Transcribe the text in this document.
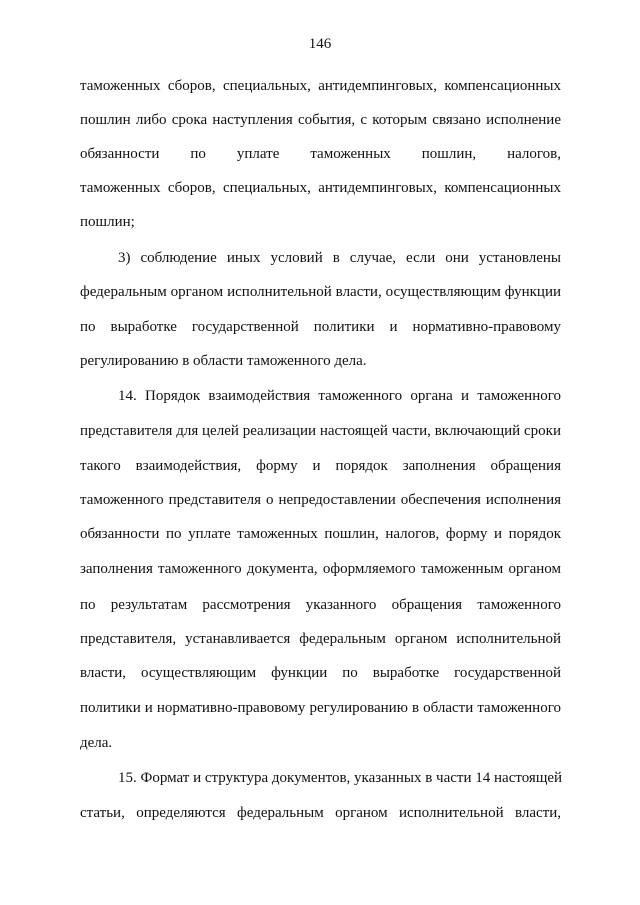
146
таможенных сборов, специальных, антидемпинговых, компенсационных
пошлин либо срока наступления события, с которым связано исполнение
обязанности по уплате таможенных пошлин, налогов,
таможенных сборов, специальных, антидемпинговых, компенсационных
пошлин;
3) соблюдение иных условий в случае, если они установлены
федеральным органом исполнительной власти, осуществляющим функции
по выработке государственной политики и нормативно-правовому
регулированию в области таможенного дела.
14. Порядок взаимодействия таможенного органа и таможенного
представителя для целей реализации настоящей части, включающий сроки
такого взаимодействия, форму и порядок заполнения обращения
таможенного представителя о непредоставлении обеспечения исполнения
обязанности по уплате таможенных пошлин, налогов, форму и порядок
заполнения таможенного документа, оформляемого таможенным органом
по результатам рассмотрения указанного обращения таможенного
представителя, устанавливается федеральным органом исполнительной
власти, осуществляющим функции по выработке государственной
политики и нормативно-правовому регулированию в области таможенного
дела.
15. Формат и структура документов, указанных в части 14 настоящей
статьи, определяются федеральным органом исполнительной власти,
